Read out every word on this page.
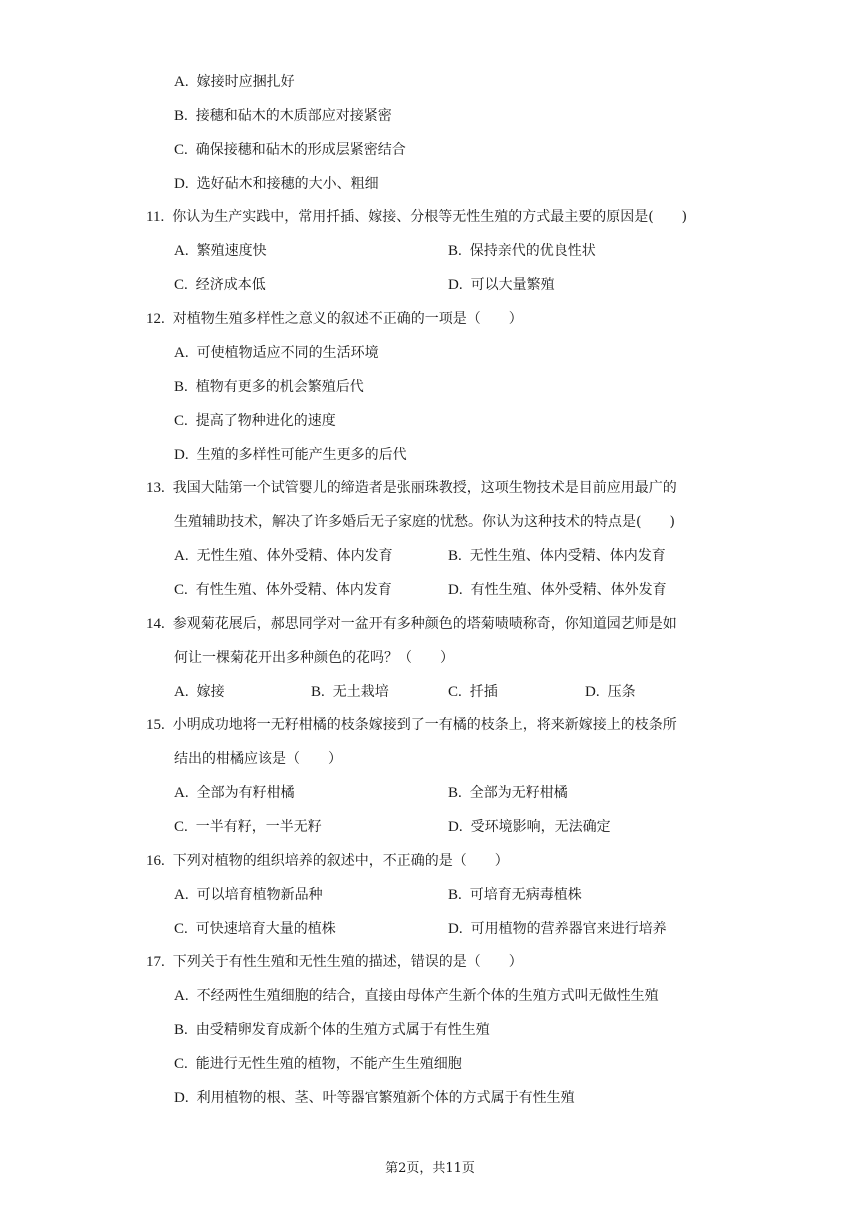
A. 嫁接时应捆扎好
B. 接穗和砧木的木质部应对接紧密
C. 确保接穗和砧木的形成层紧密结合
D. 选好砧木和接穗的大小、粗细
11. 你认为生产实践中，常用扦插、嫁接、分根等无性生殖的方式最主要的原因是(　　)
A. 繁殖速度快	B. 保持亲代的优良性状
C. 经济成本低	D. 可以大量繁殖
12. 对植物生殖多样性之意义的叙述不正确的一项是（　　）
A. 可使植物适应不同的生活环境
B. 植物有更多的机会繁殖后代
C. 提高了物种进化的速度
D. 生殖的多样性可能产生更多的后代
13. 我国大陆第一个试管婴儿的缔造者是张丽珠教授，这项生物技术是目前应用最广的
生殖辅助技术，解决了许多婚后无子家庭的忧愁。你认为这种技术的特点是(　　)
A. 无性生殖、体外受精、体内发育	B. 无性生殖、体内受精、体内发育
C. 有性生殖、体外受精、体内发育	D. 有性生殖、体外受精、体外发育
14. 参观菊花展后，郝思同学对一盆开有多种颜色的塔菊啧啧称奇，你知道园艺师是如
何让一棵菊花开出多种颜色的花吗？（　　）
A. 嫁接	B. 无土栽培	C. 扦插	D. 压条
15. 小明成功地将一无籽柑橘的枝条嫁接到了一有橘的枝条上，将来新嫁接上的枝条所
结出的柑橘应该是（　　）
A. 全部为有籽柑橘	B. 全部为无籽柑橘
C. 一半有籽，一半无籽	D. 受环境影响，无法确定
16. 下列对植物的组织培养的叙述中，不正确的是（　　）
A. 可以培育植物新品种	B. 可培育无病毒植株
C. 可快速培育大量的植株	D. 可用植物的营养器官来进行培养
17. 下列关于有性生殖和无性生殖的描述，错误的是（　　）
A. 不经两性生殖细胞的结合，直接由母体产生新个体的生殖方式叫无做性生殖
B. 由受精卵发育成新个体的生殖方式属于有性生殖
C. 能进行无性生殖的植物，不能产生生殖细胞
D. 利用植物的根、茎、叶等器官繁殖新个体的方式属于有性生殖
第2页，共11页
